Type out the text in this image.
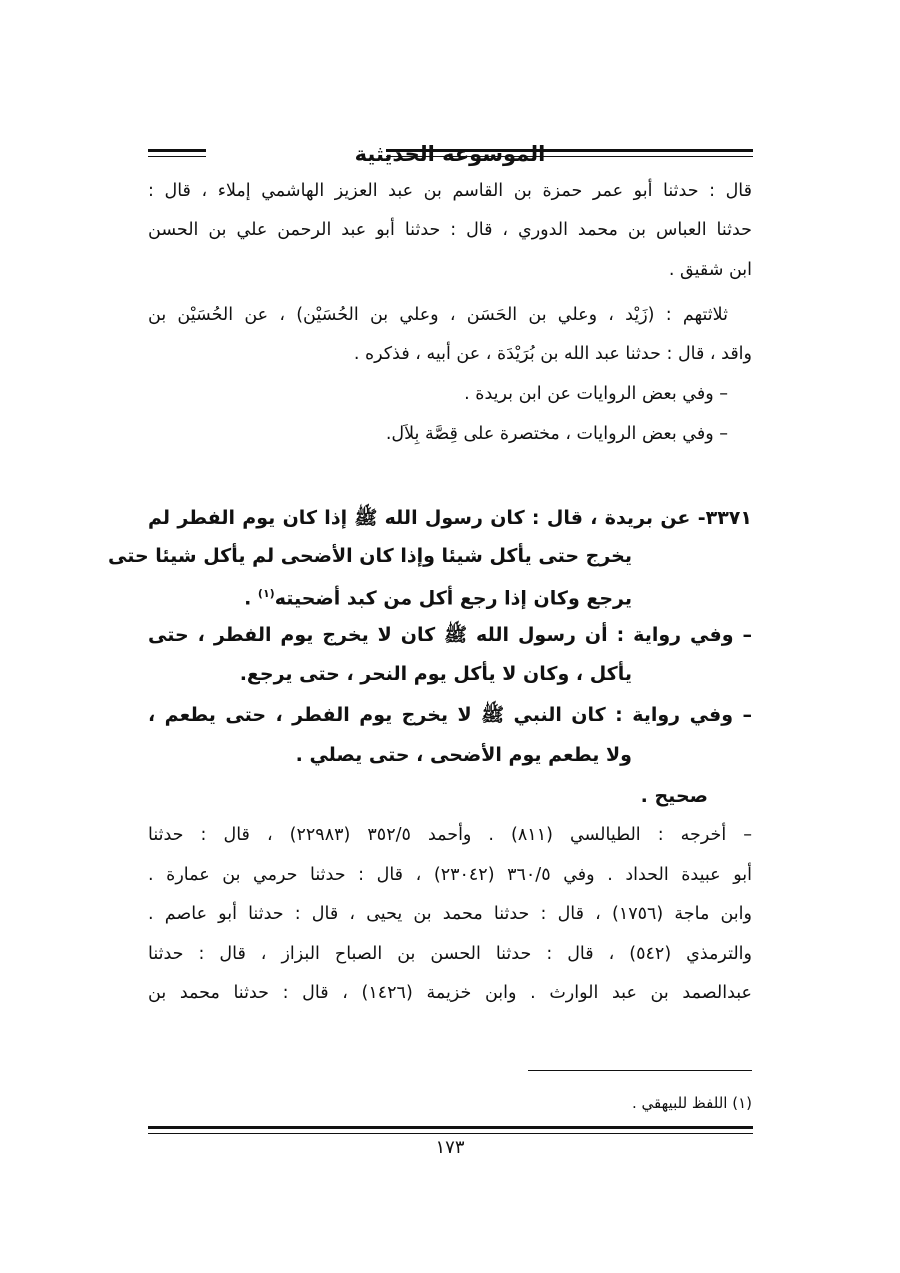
الموسوعة الحديثية
قال : حدثنا أبو عمر حمزة بن القاسم بن عبد العزيز الهاشمي إملاء ، قال :
حدثنا العباس بن محمد الدوري ، قال : حدثنا أبو عبد الرحمن علي بن الحسن
ابن شقيق .
ثلاثتهم : (زَيْد ، وعلي بن الحَسَن ، وعلي بن الحُسَيْن) ، عن الحُسَيْن بن
واقد ، قال : حدثنا عبد الله بن بُرَيْدَة ، عن أبيه ، فذكره .
– وفي بعض الروايات عن ابن بريدة .
– وفي بعض الروايات ، مختصرة على قِصَّة بِلاَل.
٣٣٧١- عن بريدة ، قال : كان رسول الله ﷺ إذا كان يوم الفطر لم
يخرج حتى يأكل شيئا وإذا كان الأضحى لم يأكل شيئا حتى
يرجع وكان إذا رجع أكل من كبد أضحيته$^{(١)}$ .
– وفي رواية : أن رسول الله ﷺ كان لا يخرج يوم الفطر ، حتى
يأكل ، وكان لا يأكل يوم النحر ، حتى يرجع.
– وفي رواية : كان النبي ﷺ لا يخرج يوم الفطر ، حتى يطعم ،
ولا يطعم يوم الأضحى ، حتى يصلي .
صحيح .
– أخرجه : الطيالسي (٨١١) . وأحمد ٣٥٢/٥ (٢٢٩٨٣) ، قال : حدثنا
أبو عبيدة الحداد . وفي ٣٦٠/٥ (٢٣٠٤٢) ، قال : حدثنا حرمي بن عمارة .
وابن ماجة (١٧٥٦) ، قال : حدثنا محمد بن يحيى ، قال : حدثنا أبو عاصم .
والترمذي (٥٤٢) ، قال : حدثنا الحسن بن الصباح البزاز ، قال : حدثنا
عبدالصمد بن عبد الوارث . وابن خزيمة (١٤٢٦) ، قال : حدثنا محمد بن
(١) اللفظ للبيهقي .
١٧٣
